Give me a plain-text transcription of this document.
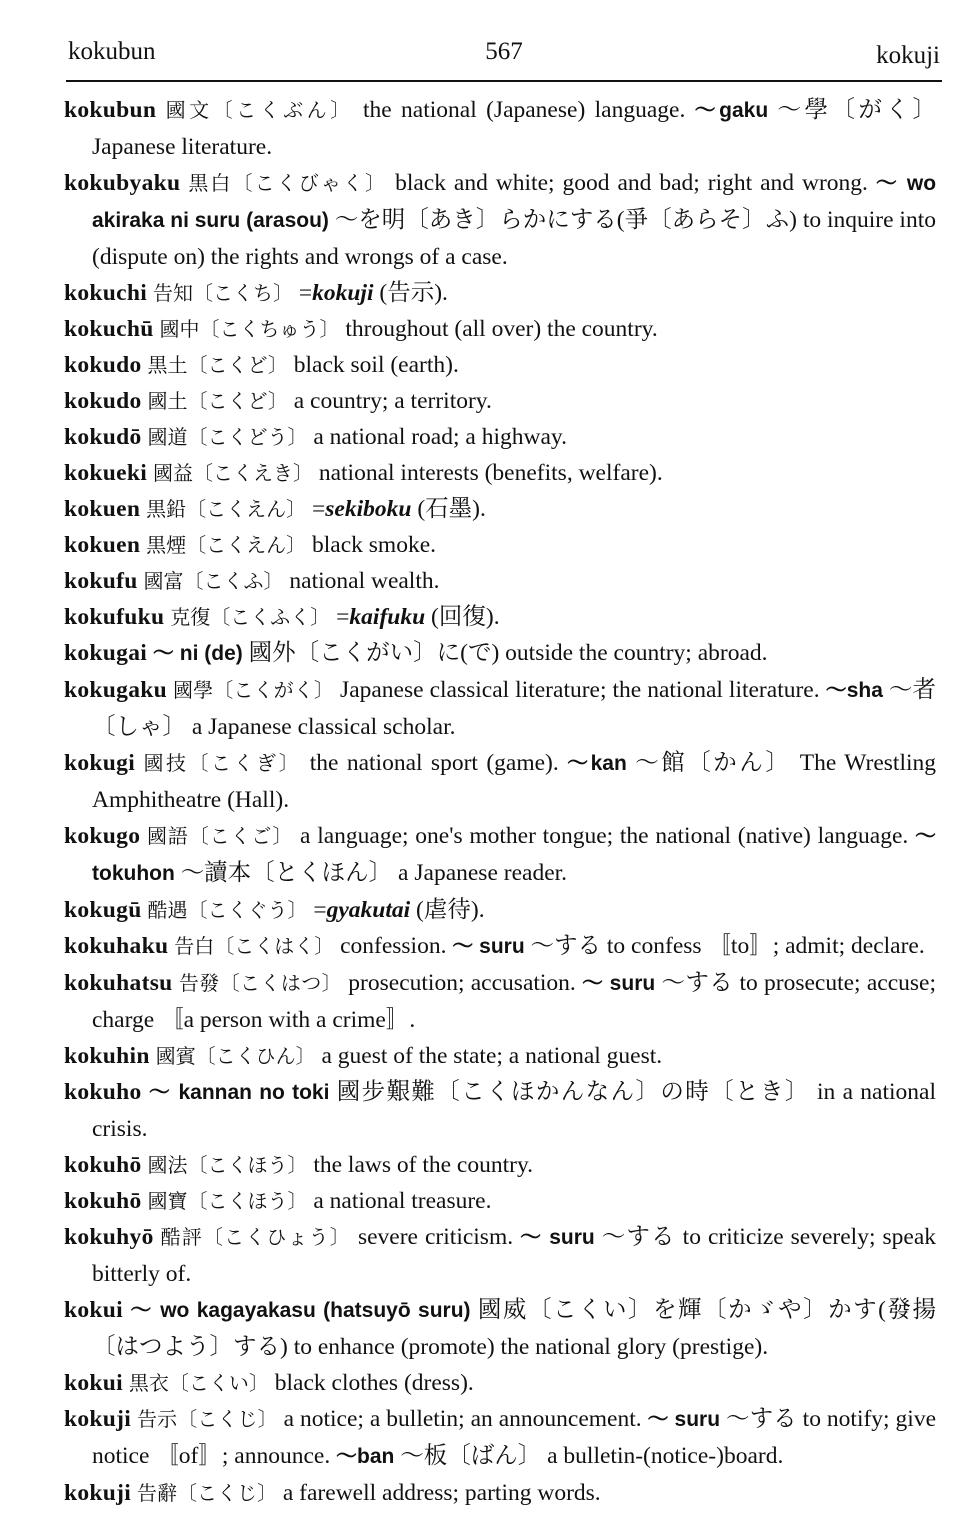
kokubun	567	kokuji

kokubun 國文〔こくぶん〕 the national (Japanese) language. ～gaku ～學〔がく〕 Japanese literature.

kokubyaku 黒白〔こくびゃく〕 black and white; good and bad; right and wrong. ～ wo akiraka ni suru (arasou) ～を明〔あき〕らかにする(爭〔あらそ〕ふ) to inquire into (dispute on) the rights and wrongs of a case.

kokuchi 告知〔こくち〕 =kokuji (告示).

kokuchū 國中〔こくちゅう〕 throughout (all over) the country.

kokudo 黒土〔こくど〕 black soil (earth).

kokudo 國土〔こくど〕 a country; a territory.

kokudō 國道〔こくどう〕 a national road; a highway.

kokueki 國益〔こくえき〕 national interests (benefits, welfare).

kokuen 黒鉛〔こくえん〕 =sekiboku (石墨).

kokuen 黒煙〔こくえん〕 black smoke.

kokufu 國富〔こくふ〕 national wealth.

kokufuku 克復〔こくふく〕 =kaifuku (回復).

kokugai ～ ni (de) 國外〔こくがい〕に(で) outside the country; abroad.

kokugaku 國學〔こくがく〕 Japanese classical literature; the national literature. ～sha ～者〔しゃ〕 a Japanese classical scholar.

kokugi 國技〔こくぎ〕 the national sport (game). ～kan ～館〔かん〕 The Wrestling Amphitheatre (Hall).

kokugo 國語〔こくご〕 a language; one's mother tongue; the national (native) language. ～ tokuhon ～讀本〔とくほん〕 a Japanese reader.

kokugū 酷遇〔こくぐう〕 =gyakutai (虐待).

kokuhaku 告白〔こくはく〕 confession. ～ suru ～する to confess 〚to〛; admit; declare.

kokuhatsu 告發〔こくはつ〕 prosecution; accusation. ～ suru ～する to prosecute; accuse; charge 〚a person with a crime〛.

kokuhin 國賓〔こくひん〕 a guest of the state; a national guest.

kokuho ～ kannan no toki 國步艱難〔こくほかんなん〕の時〔とき〕 in a national crisis.

kokuhō 國法〔こくほう〕 the laws of the country.

kokuhō 國寶〔こくほう〕 a national treasure.

kokuhyō 酷評〔こくひょう〕 severe criticism. ～ suru ～する to criticize severely; speak bitterly of.

kokui ～ wo kagayakasu (hatsuyō suru) 國威〔こくい〕を輝〔かゞや〕かす(發揚〔はつよう〕する) to enhance (promote) the national glory (prestige).

kokui 黒衣〔こくい〕 black clothes (dress).

kokuji 告示〔こくじ〕 a notice; a bulletin; an announcement. ～ suru ～する to notify; give notice 〚of〛; announce. ～ban ～板〔ばん〕 a bulletin-(notice-)board.

kokuji 告辭〔こくじ〕 a farewell address; parting words.
